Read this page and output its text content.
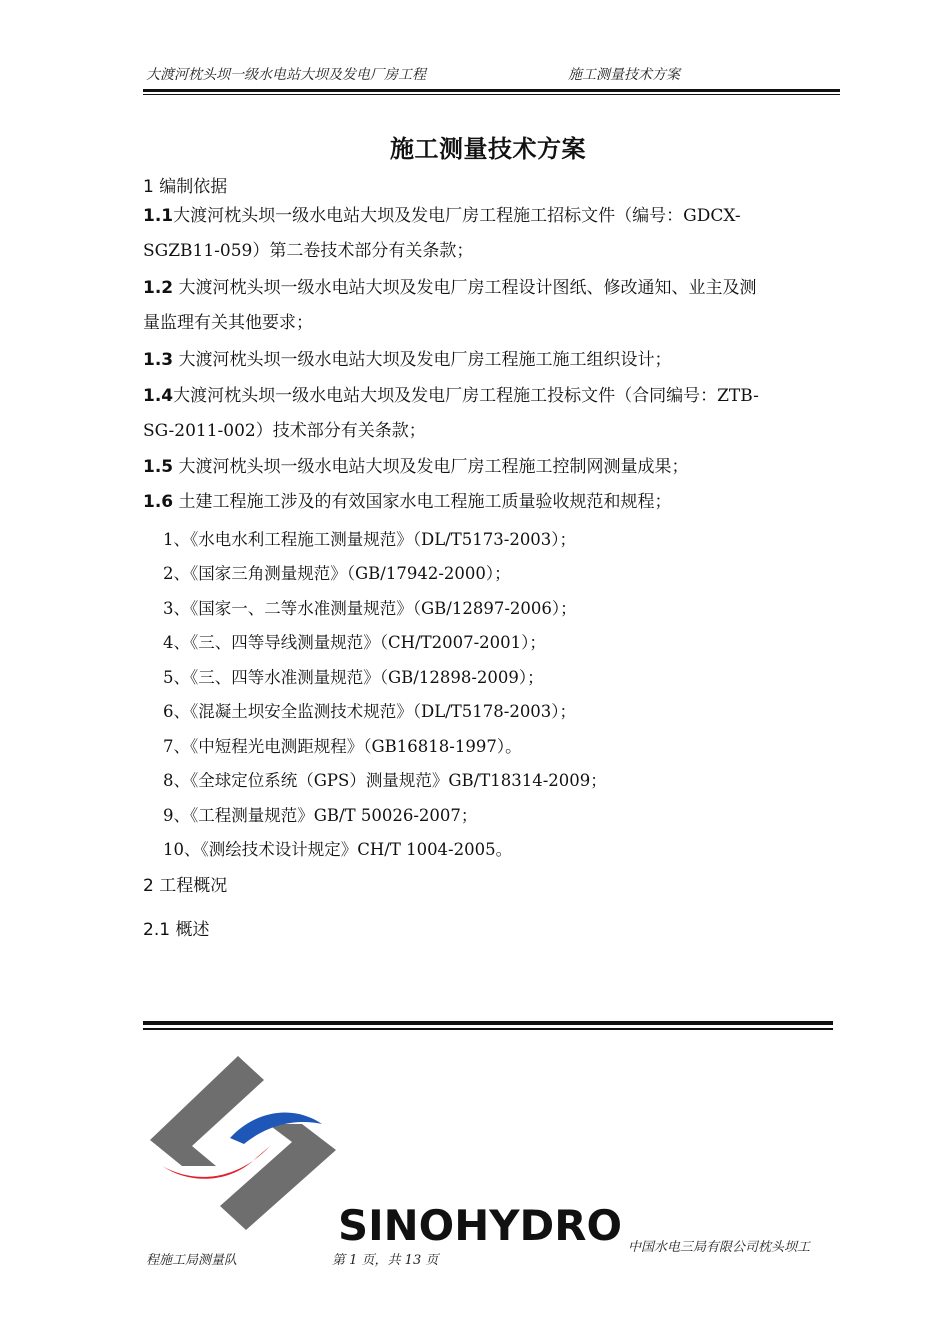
大渡河枕头坝一级水电站大坝及发电厂房工程	施工测量技术方案
施工测量技术方案
1 编制依据
1.1大渡河枕头坝一级水电站大坝及发电厂房工程施工招标文件（编号：GDCX-
SGZB11-059）第二卷技术部分有关条款；
1.2 大渡河枕头坝一级水电站大坝及发电厂房工程设计图纸、修改通知、业主及测
量监理有关其他要求；
1.3 大渡河枕头坝一级水电站大坝及发电厂房工程施工施工组织设计；
1.4大渡河枕头坝一级水电站大坝及发电厂房工程施工投标文件（合同编号：ZTB-
SG-2011-002）技术部分有关条款；
1.5 大渡河枕头坝一级水电站大坝及发电厂房工程施工控制网测量成果；
1.6 土建工程施工涉及的有效国家水电工程施工质量验收规范和规程；
1、《水电水利工程施工测量规范》（DL/T5173-2003）；
2、《国家三角测量规范》（GB/17942-2000）；
3、《国家一、二等水准测量规范》（GB/12897-2006）；
4、《三、四等导线测量规范》（CH/T2007-2001）；
5、《三、四等水准测量规范》（GB/12898-2009）；
6、《混凝土坝安全监测技术规范》（DL/T5178-2003）；
7、《中短程光电测距规程》（GB16818-1997）。
8、《全球定位系统（GPS）测量规范》GB/T18314-2009；
9、《工程测量规范》GB/T 50026-2007；
10、《测绘技术设计规定》CH/T 1004-2005。
2 工程概况
2.1 概述
SINOHYDRO 中国水电三局有限公司枕头坝工
程施工局测量队	第 1 页，共 13 页
